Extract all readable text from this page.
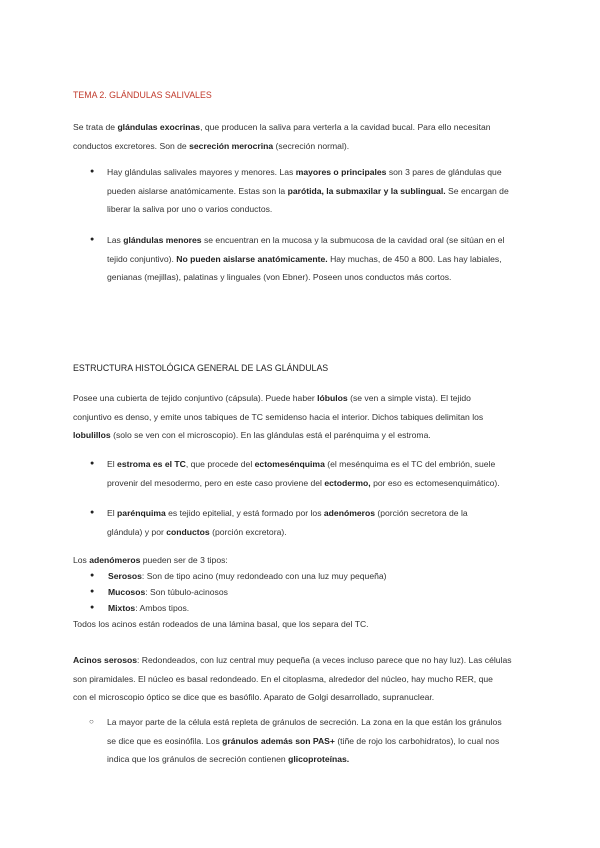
TEMA 2. GLÁNDULAS SALIVALES
Se trata de glándulas exocrinas, que producen la saliva para verterla a la cavidad bucal. Para ello necesitan
conductos excretores. Son de secreción merocrina (secreción normal).
● Hay glándulas salivales mayores y menores. Las mayores o principales son 3 pares de glándulas que
pueden aislarse anatómicamente. Estas son la parótida, la submaxilar y la sublingual. Se encargan de
liberar la saliva por uno o varios conductos.
● Las glándulas menores se encuentran en la mucosa y la submucosa de la cavidad oral (se sitúan en el
tejido conjuntivo). No pueden aislarse anatómicamente. Hay muchas, de 450 a 800. Las hay labiales,
genianas (mejillas), palatinas y linguales (von Ebner). Poseen unos conductos más cortos.
ESTRUCTURA HISTOLÓGICA GENERAL DE LAS GLÁNDULAS
Posee una cubierta de tejido conjuntivo (cápsula). Puede haber lóbulos (se ven a simple vista). El tejido
conjuntivo es denso, y emite unos tabiques de TC semidenso hacia el interior. Dichos tabiques delimitan los
lobulillos (solo se ven con el microscopio). En las glándulas está el parénquima y el estroma.
● El estroma es el TC, que procede del ectomesénquima (el mesénquima es el TC del embrión, suele
provenir del mesodermo, pero en este caso proviene del ectodermo, por eso es ectomesenquimático).
● El parénquima es tejido epitelial, y está formado por los adenómeros (porción secretora de la
glándula) y por conductos (porción excretora).
Los adenómeros pueden ser de 3 tipos:
● Serosos: Son de tipo acino (muy redondeado con una luz muy pequeña)
● Mucosos: Son túbulo-acinosos
● Mixtos: Ambos tipos.
Todos los acinos están rodeados de una lámina basal, que los separa del TC.
Acinos serosos: Redondeados, con luz central muy pequeña (a veces incluso parece que no hay luz). Las células
son piramidales. El núcleo es basal redondeado. En el citoplasma, alrededor del núcleo, hay mucho RER, que
con el microscopio óptico se dice que es basófilo. Aparato de Golgi desarrollado, supranuclear.
○ La mayor parte de la célula está repleta de gránulos de secreción. La zona en la que están los gránulos
se dice que es eosinófila. Los gránulos además son PAS+ (tiñe de rojo los carbohidratos), lo cual nos
indica que los gránulos de secreción contienen glicoproteínas.
